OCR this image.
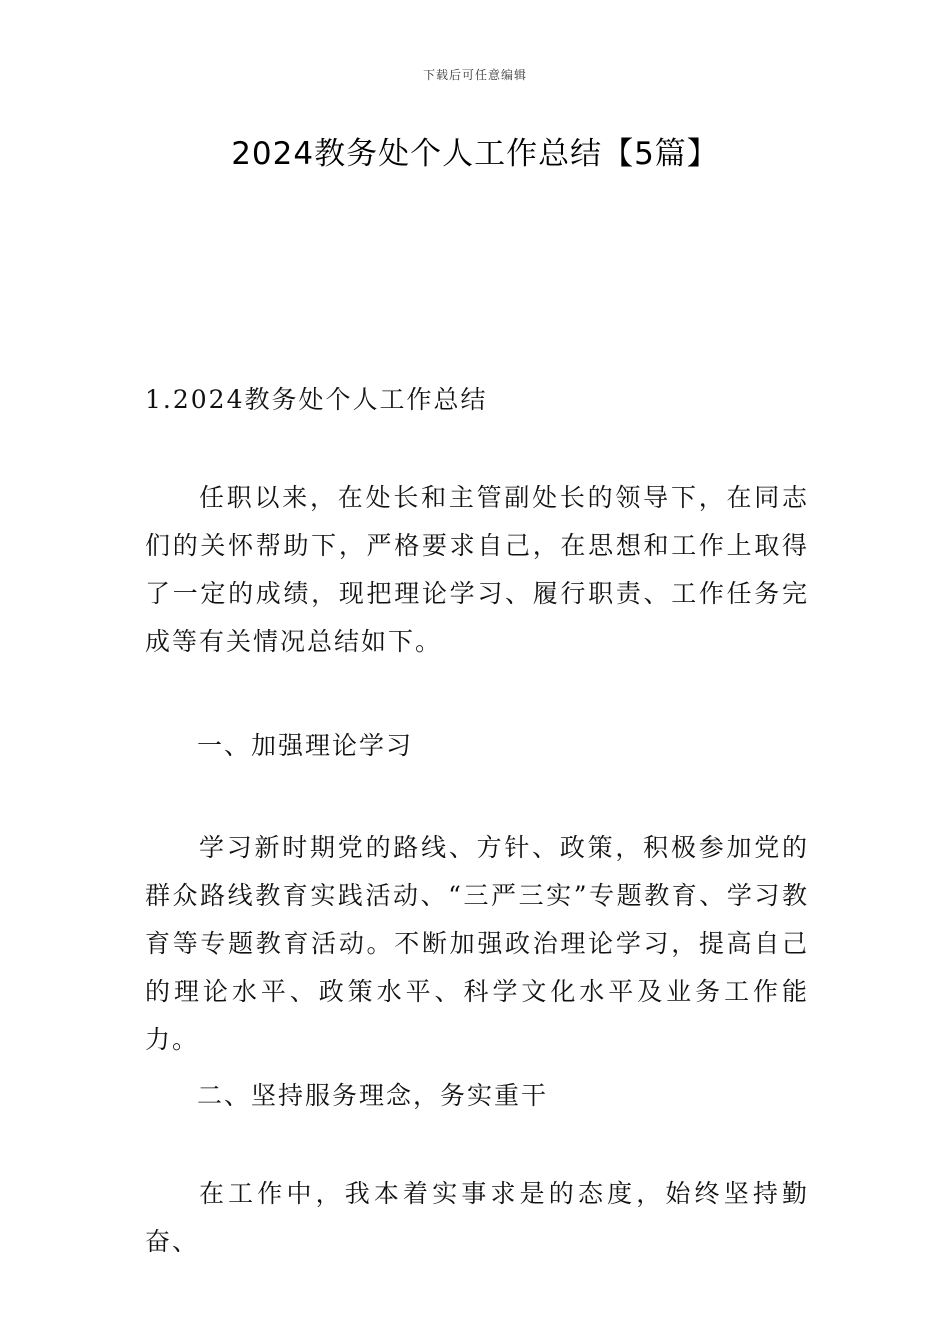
下载后可任意编辑
2024教务处个人工作总结【5篇】

1.2024教务处个人工作总结

任职以来，在处长和主管副处长的领导下，在同志们的关怀帮助下，严格要求自己，在思想和工作上取得了一定的成绩，现把理论学习、履行职责、工作任务完成等有关情况总结如下。

一、加强理论学习

学习新时期党的路线、方针、政策，积极参加党的群众路线教育实践活动、“三严三实”专题教育、学习教育等专题教育活动。不断加强政治理论学习，提高自己的理论水平、政策水平、科学文化水平及业务工作能力。

二、坚持服务理念，务实重干

在工作中，我本着实事求是的态度，始终坚持勤奋、
